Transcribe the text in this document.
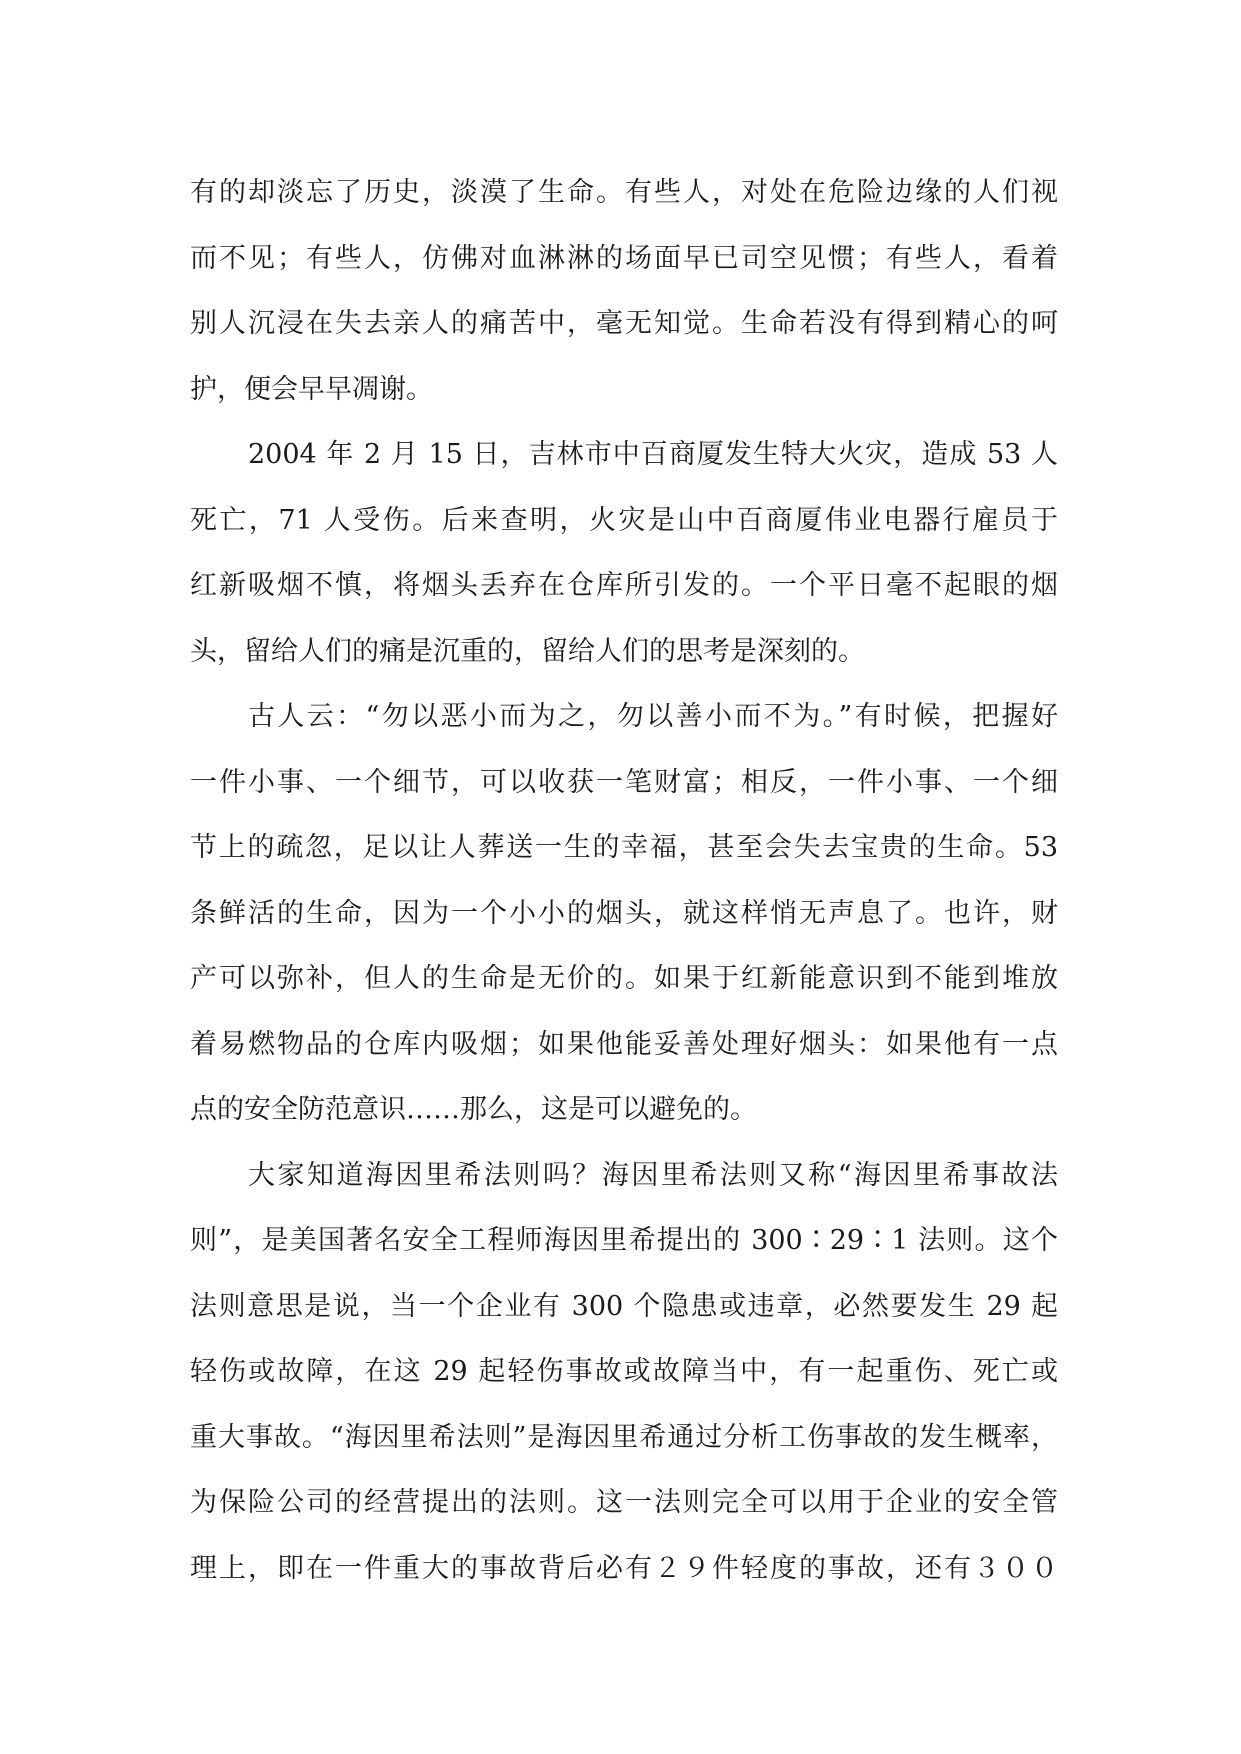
有的却淡忘了历史，淡漠了生命。有些人，对处在危险边缘的人们视
而不见；有些人，仿佛对血淋淋的场面早已司空见惯；有些人，看着
别人沉浸在失去亲人的痛苦中，毫无知觉。生命若没有得到精心的呵
护，便会早早凋谢。
2004 年 2 月 15 日，吉林市中百商厦发生特大火灾，造成 53 人
死亡，71 人受伤。后来查明，火灾是山中百商厦伟业电器行雇员于
红新吸烟不慎，将烟头丢弃在仓库所引发的。一个平日毫不起眼的烟
头，留给人们的痛是沉重的，留给人们的思考是深刻的。
古人云：“勿以恶小而为之，勿以善小而不为。”有时候，把握好
一件小事、一个细节，可以收获一笔财富；相反，一件小事、一个细
节上的疏忽，足以让人葬送一生的幸福，甚至会失去宝贵的生命。53
条鲜活的生命，因为一个小小的烟头，就这样悄无声息了。也许，财
产可以弥补，但人的生命是无价的。如果于红新能意识到不能到堆放
着易燃物品的仓库内吸烟；如果他能妥善处理好烟头：如果他有一点
点的安全防范意识……那么，这是可以避免的。
大家知道海因里希法则吗？海因里希法则又称“海因里希事故法
则”，是美国著名安全工程师海因里希提出的 300∶29∶1 法则。这个
法则意思是说，当一个企业有 300 个隐患或违章，必然要发生 29 起
轻伤或故障，在这 29 起轻伤事故或故障当中，有一起重伤、死亡或
重大事故。“海因里希法则”是海因里希通过分析工伤事故的发生概率，
为保险公司的经营提出的法则。这一法则完全可以用于企业的安全管
理上，即在一件重大的事故背后必有２９件轻度的事故，还有３００
